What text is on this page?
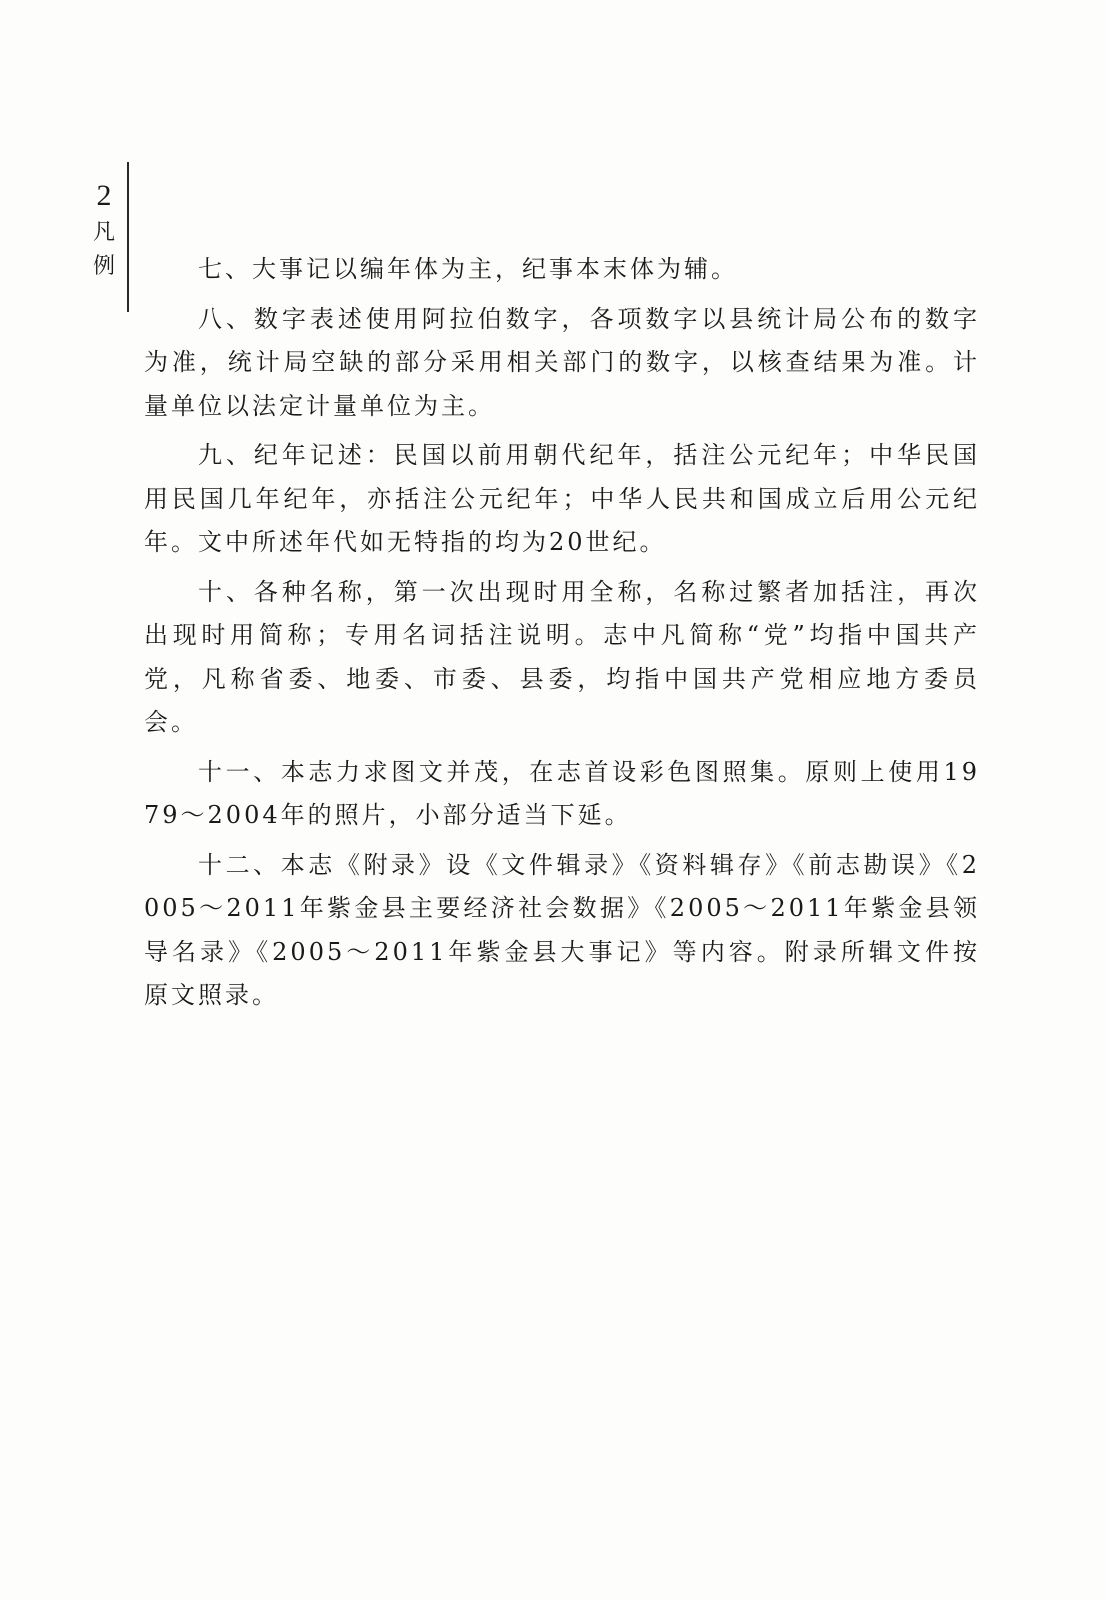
2
凡
例	七、大事记以编年体为主，纪事本末体为辅。

八、数字表述使用阿拉伯数字，各项数字以县统计局公布的数字为准，统计局空缺的部分采用相关部门的数字，以核查结果为准。计量单位以法定计量单位为主。

九、纪年记述：民国以前用朝代纪年，括注公元纪年；中华民国用民国几年纪年，亦括注公元纪年；中华人民共和国成立后用公元纪年。文中所述年代如无特指的均为20世纪。

十、各种名称，第一次出现时用全称，名称过繁者加括注，再次出现时用简称；专用名词括注说明。志中凡简称“党”均指中国共产党，凡称省委、地委、市委、县委，均指中国共产党相应地方委员会。

十一、本志力求图文并茂，在志首设彩色图照集。原则上使用1979～2004年的照片，小部分适当下延。

十二、本志《附录》设《文件辑录》《资料辑存》《前志勘误》《2005～2011年紫金县主要经济社会数据》《2005～2011年紫金县领导名录》《2005～2011年紫金县大事记》等内容。附录所辑文件按原文照录。
